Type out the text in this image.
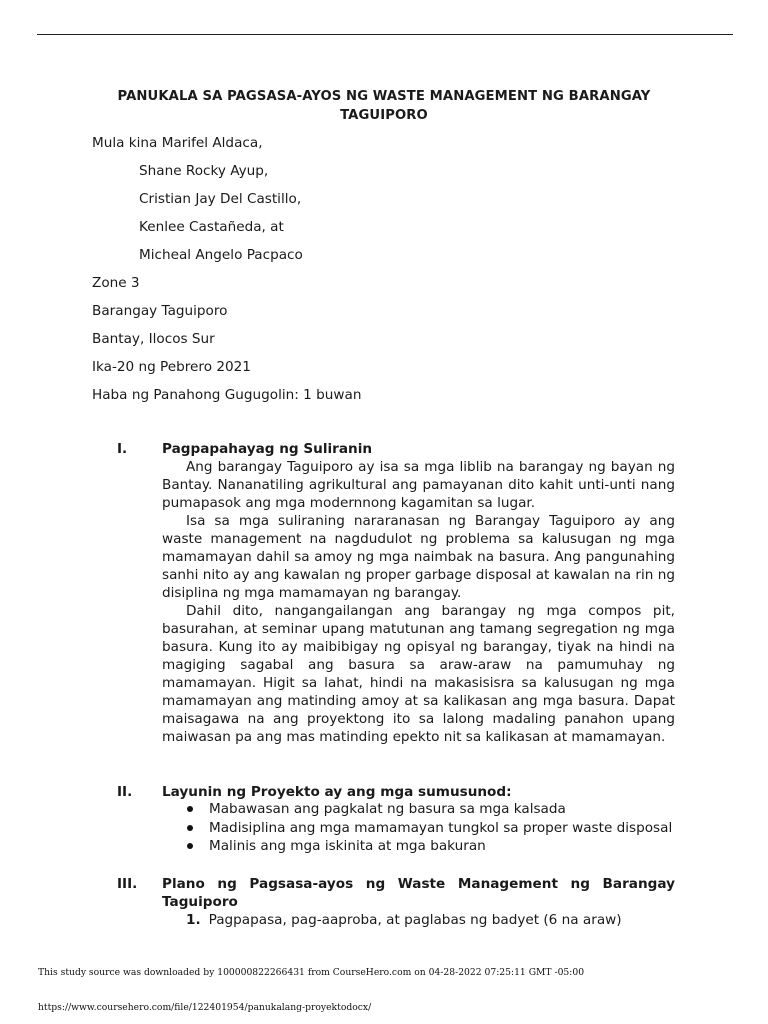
PANUKALA SA PAGSASA-AYOS NG WASTE MANAGEMENT NG BARANGAY TAGUIPORO
Mula kina Marifel Aldaca,
Shane Rocky Ayup,
Cristian Jay Del Castillo,
Kenlee Castañeda, at
Micheal Angelo Pacpaco
Zone 3
Barangay Taguiporo
Bantay, Ilocos Sur
Ika-20 ng Pebrero 2021
Haba ng Panahong Gugugolin: 1 buwan
I.	Pagpapahayag ng Suliranin

Ang barangay Taguiporo ay isa sa mga liblib na barangay ng bayan ng Bantay. Nananatiling agrikultural ang pamayanan dito kahit unti-unti nang pumapasok ang mga modernnong kagamitan sa lugar.

Isa sa mga suliraning nararanasan ng Barangay Taguiporo ay ang waste management na nagdudulot ng problema sa kalusugan ng mga mamamayan dahil sa amoy ng mga naimbak na basura. Ang pangunahing sanhi nito ay ang kawalan ng proper garbage disposal at kawalan na rin ng disiplina ng mga mamamayan ng barangay.

Dahil dito, nangangailangan ang barangay ng mga compos pit, basurahan, at seminar upang matutunan ang tamang segregation ng mga basura. Kung ito ay maibibigay ng opisyal ng barangay, tiyak na hindi na magiging sagabal ang basura sa araw-araw na pamumuhay ng mamamayan. Higit sa lahat, hindi na makasisisra sa kalusugan ng mga mamamayan ang matinding amoy at sa kalikasan ang mga basura. Dapat maisagawa na ang proyektong ito sa lalong madaling panahon upang maiwasan pa ang mas matinding epekto nit sa kalikasan at mamamayan.

II. Layunin ng Proyekto ay ang mga sumusunod:
Mabawasan ang pagkalat ng basura sa mga kalsada
Madisiplina ang mga mamamayan tungkol sa proper waste disposal
Malinis ang mga iskinita at mga bakuran
III. Plano ng Pagsasa-ayos ng Waste Management ng Barangay
Taguiporo
1. Pagpapasa, pag-aaproba, at paglabas ng badyet (6 na araw)
This study source was downloaded by 100000822266431 from CourseHero.com on 04-28-2022 07:25:11 GMT -05:00
https://www.coursehero.com/file/122401954/panukalang-proyektodocx/
